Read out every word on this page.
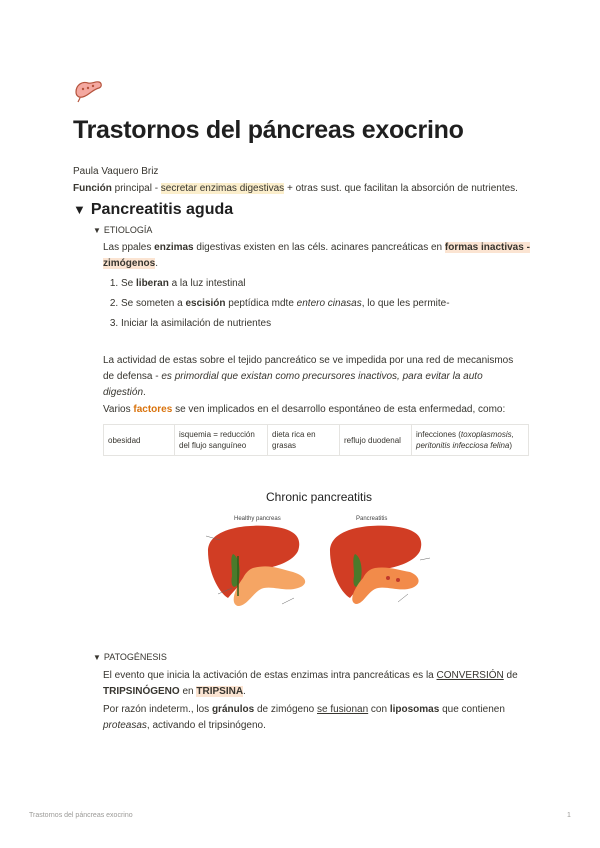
Trastornos del páncreas exocrino
Paula Vaquero Briz
Función principal - secretar enzimas digestivas + otras sust. que facilitan la absorción de nutrientes.
▼ Pancreatitis aguda
▼ ETIOLOGÍA
Las ppales enzimas digestivas existen en las céls. acinares pancreáticas en formas inactivas - zimógenos.
1. Se liberan a la luz intestinal
2. Se someten a escisión peptídica mdte entero cinasas, lo que les permite-
3. Iniciar la asimilación de nutrientes
La actividad de estas sobre el tejido pancreático se ve impedida por una red de mecanismos de defensa - es primordial que existan como precursores inactivos, para evitar la auto digestión.
Varios factores se ven implicados en el desarrollo espontáneo de esta enfermedad, como:
obesidad	isquemia = reducción del flujo sanguíneo	dieta rica en grasas	reflujo duodenal	infecciones (toxoplasmosis, peritonitis infecciosa felina)
Chronic pancreatitis
Healthy pancreas	Pancreatitis
▼ PATOGÉNESIS
El evento que inicia la activación de estas enzimas intra pancreáticas es la CONVERSIÓN de TRIPSINÓGENO en TRIPSINA.
Por razón indeterm., los gránulos de zimógeno se fusionan con liposomas que contienen proteasas, activando el tripsinógeno.
Trastornos del páncreas exocrino	1
